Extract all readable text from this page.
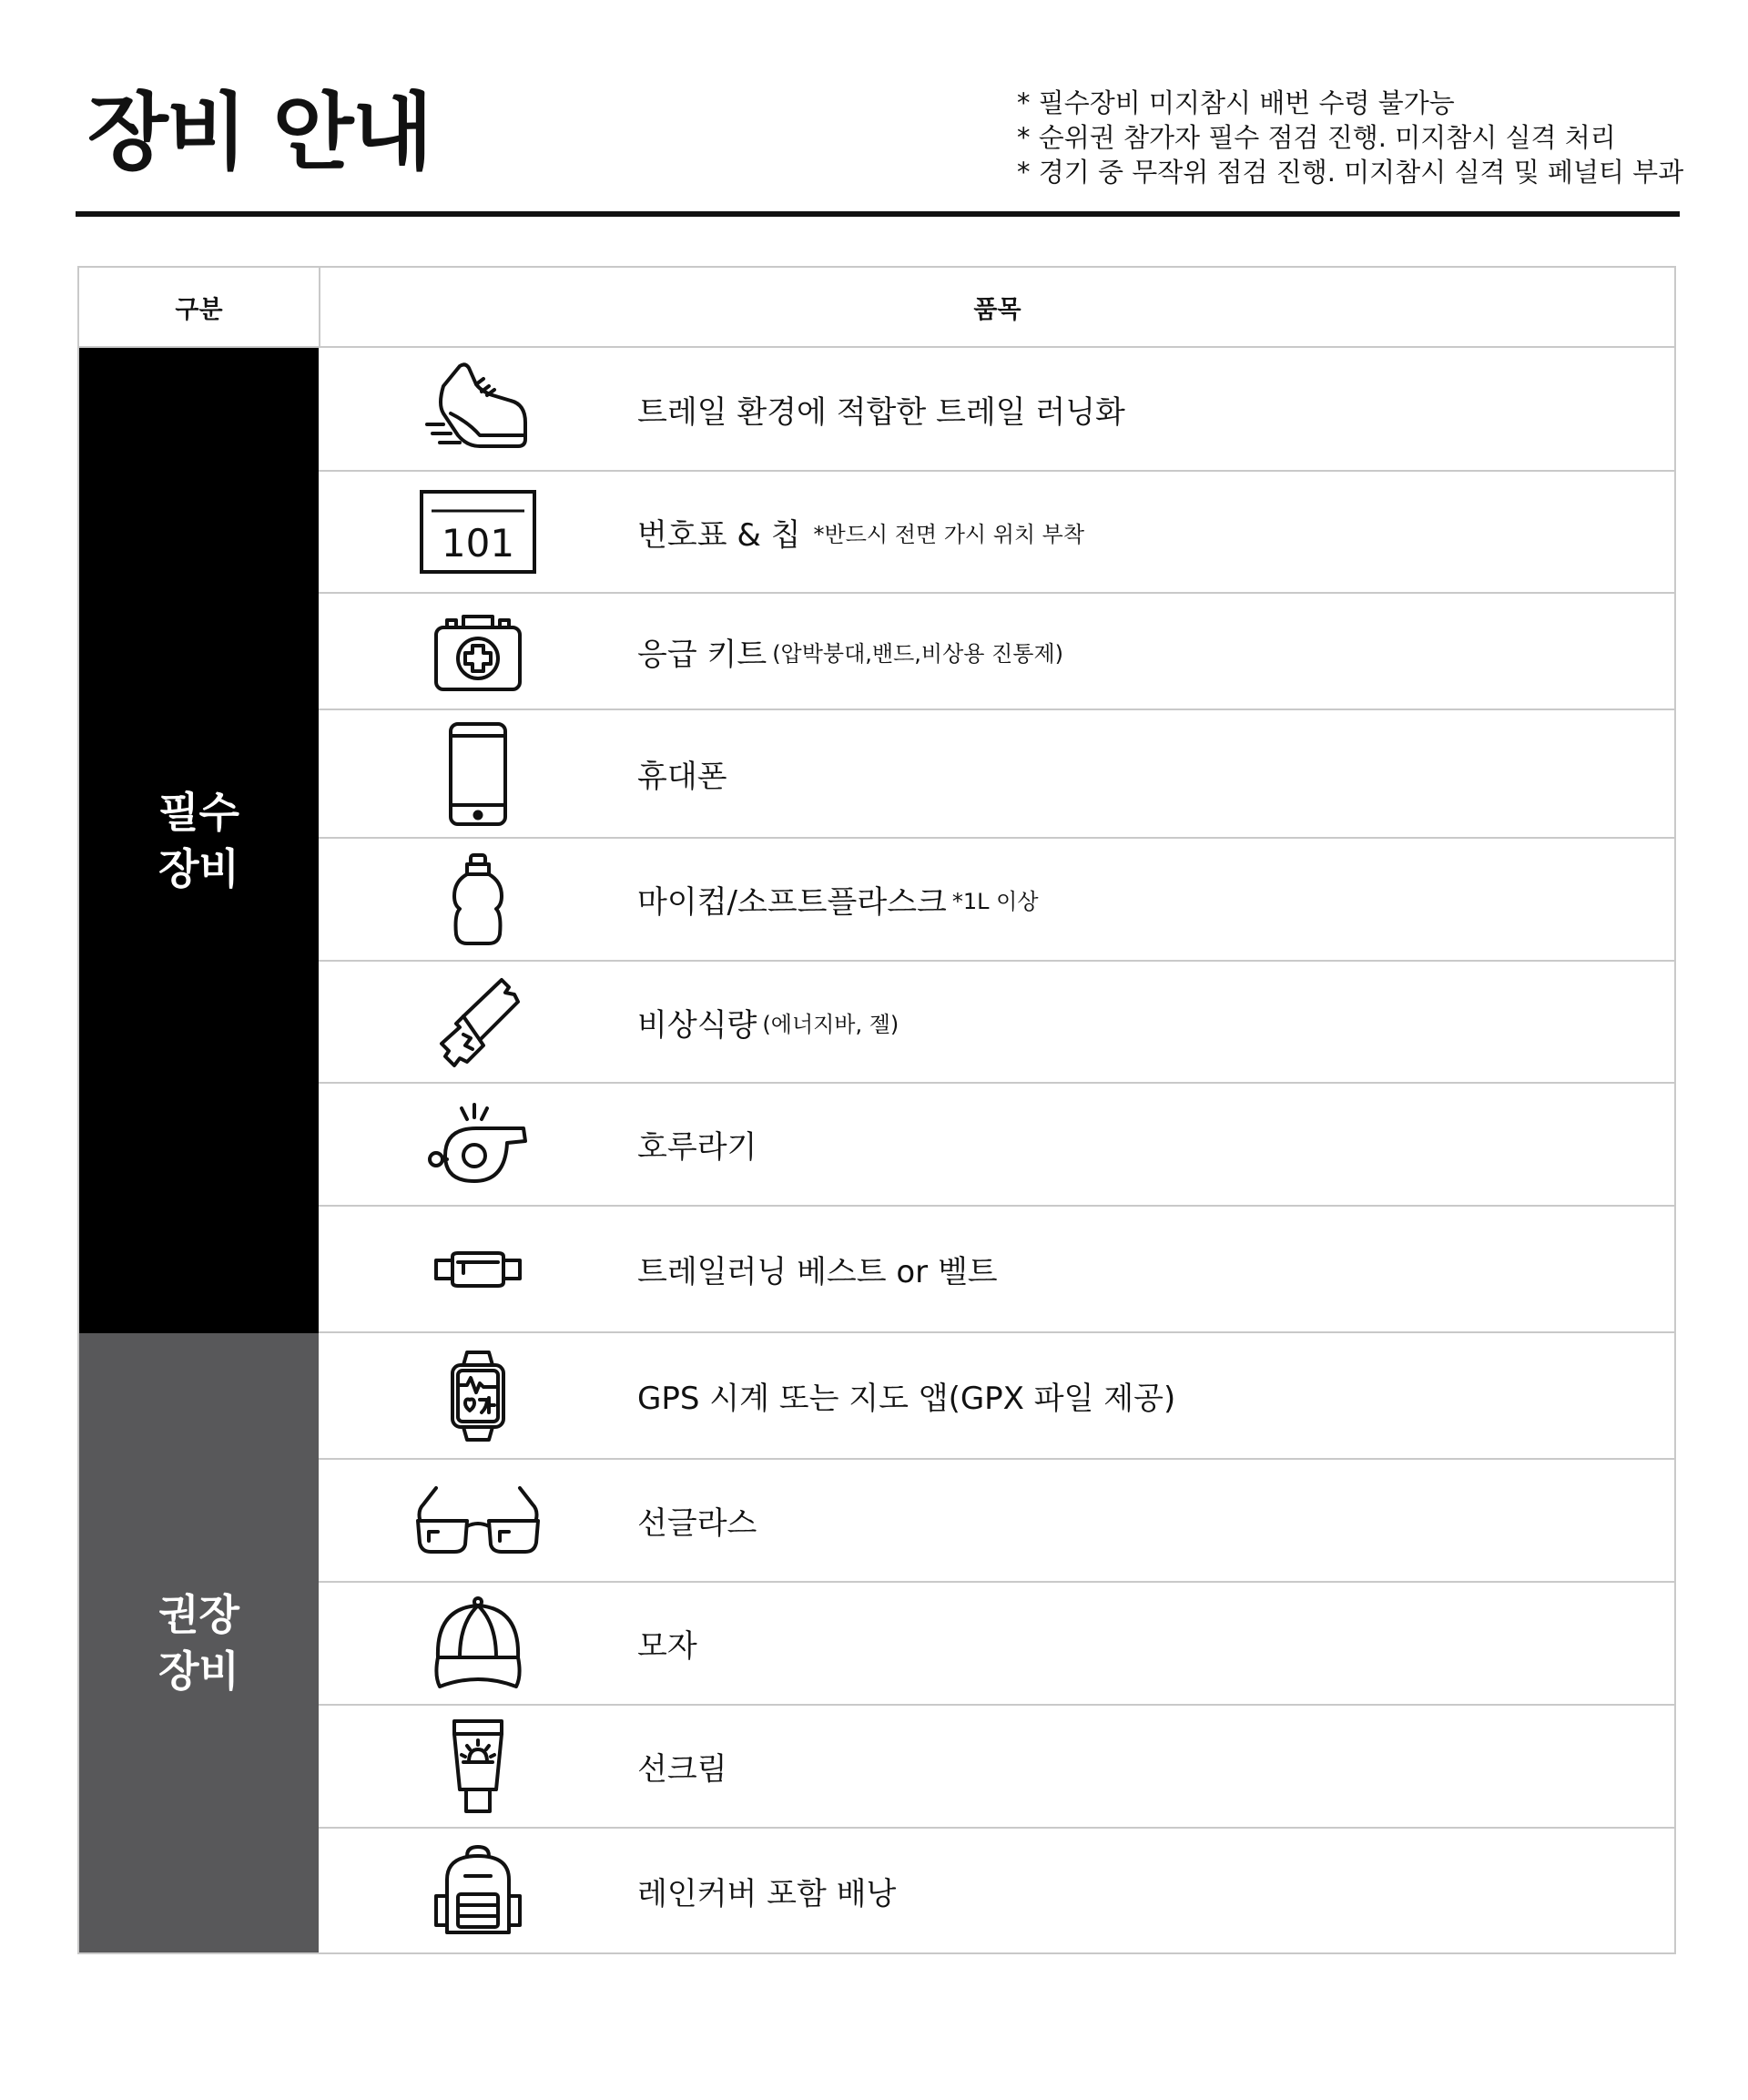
장비 안내	* 필수장비 미지참시 배번 수령 불가능
* 순위권 참가자 필수 점검 진행. 미지참시 실격 처리
* 경기 중 무작위 점검 진행. 미지참시 실격 및 페널티 부과
구분	품목
필수
장비
트레일 환경에 적합한 트레일 러닝화
101	번호표 & 칩 *반드시 전면 가시 위치 부착
응급 키트 (압박붕대,밴드,비상용 진통제)
휴대폰
마이컵/소프트플라스크 *1L 이상
비상식량 (에너지바, 젤)
호루라기
트레일러닝 베스트 or 벨트
권장
장비
GPS 시계 또는 지도 앱(GPX 파일 제공)
선글라스
모자
선크림
레인커버 포함 배낭
